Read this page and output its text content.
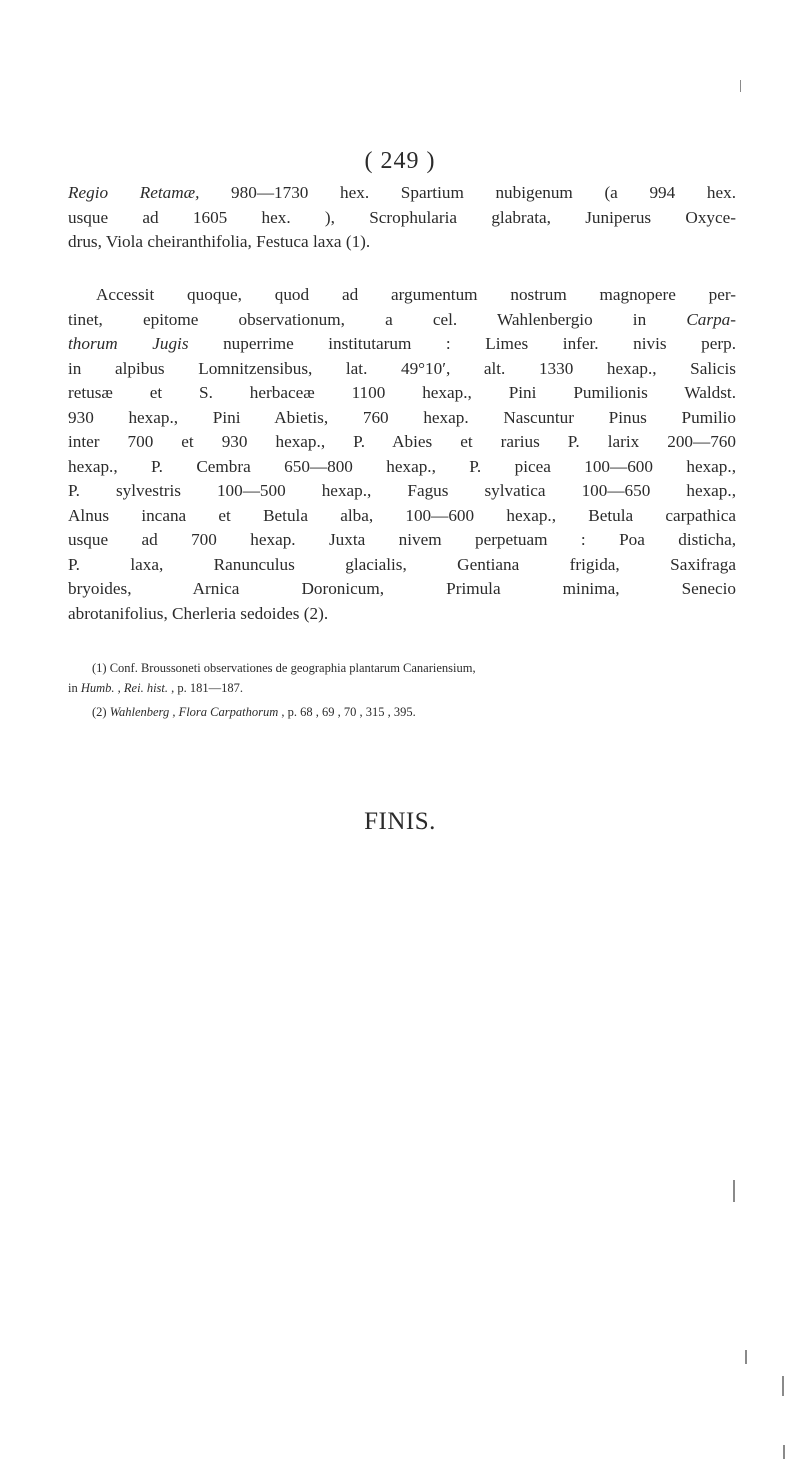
( 249 )
Regio Retamæ, 980—1730 hex. Spartium nubigenum (a 994 hex.
usque ad 1605 hex. ), Scrophularia glabrata, Juniperus Oxyce-
drus, Viola cheiranthifolia, Festuca laxa (1).
Accessit quoque, quod ad argumentum nostrum magnopere per-
tinet, epitome observationum, a cel. Wahlenbergio in Carpa-
thorum Jugis nuperrime institutarum : Limes infer. nivis perp.
in alpibus Lomnitzensibus, lat. 49°10′, alt. 1330 hexap., Salicis
retusæ et S. herbaceæ 1100 hexap., Pini Pumilionis Waldst.
930 hexap., Pini Abietis, 760 hexap. Nascuntur Pinus Pumilio
inter 700 et 930 hexap., P. Abies et rarius P. larix 200—760
hexap., P. Cembra 650—800 hexap., P. picea 100—600 hexap.,
P. sylvestris 100—500 hexap., Fagus sylvatica 100—650 hexap.,
Alnus incana et Betula alba, 100—600 hexap., Betula carpathica
usque ad 700 hexap. Juxta nivem perpetuam : Poa disticha,
P. laxa, Ranunculus glacialis, Gentiana frigida, Saxifraga
bryoides, Arnica Doronicum, Primula minima, Senecio
abrotanifolius, Cherleria sedoides (2).
(1) Conf. Broussoneti observationes de geographia plantarum Canariensium,
in Humb. , Rei. hist. , p. 181—187.
(2) Wahlenberg , Flora Carpathorum , p. 68 , 69 , 70 , 315 , 395.
FINIS.
